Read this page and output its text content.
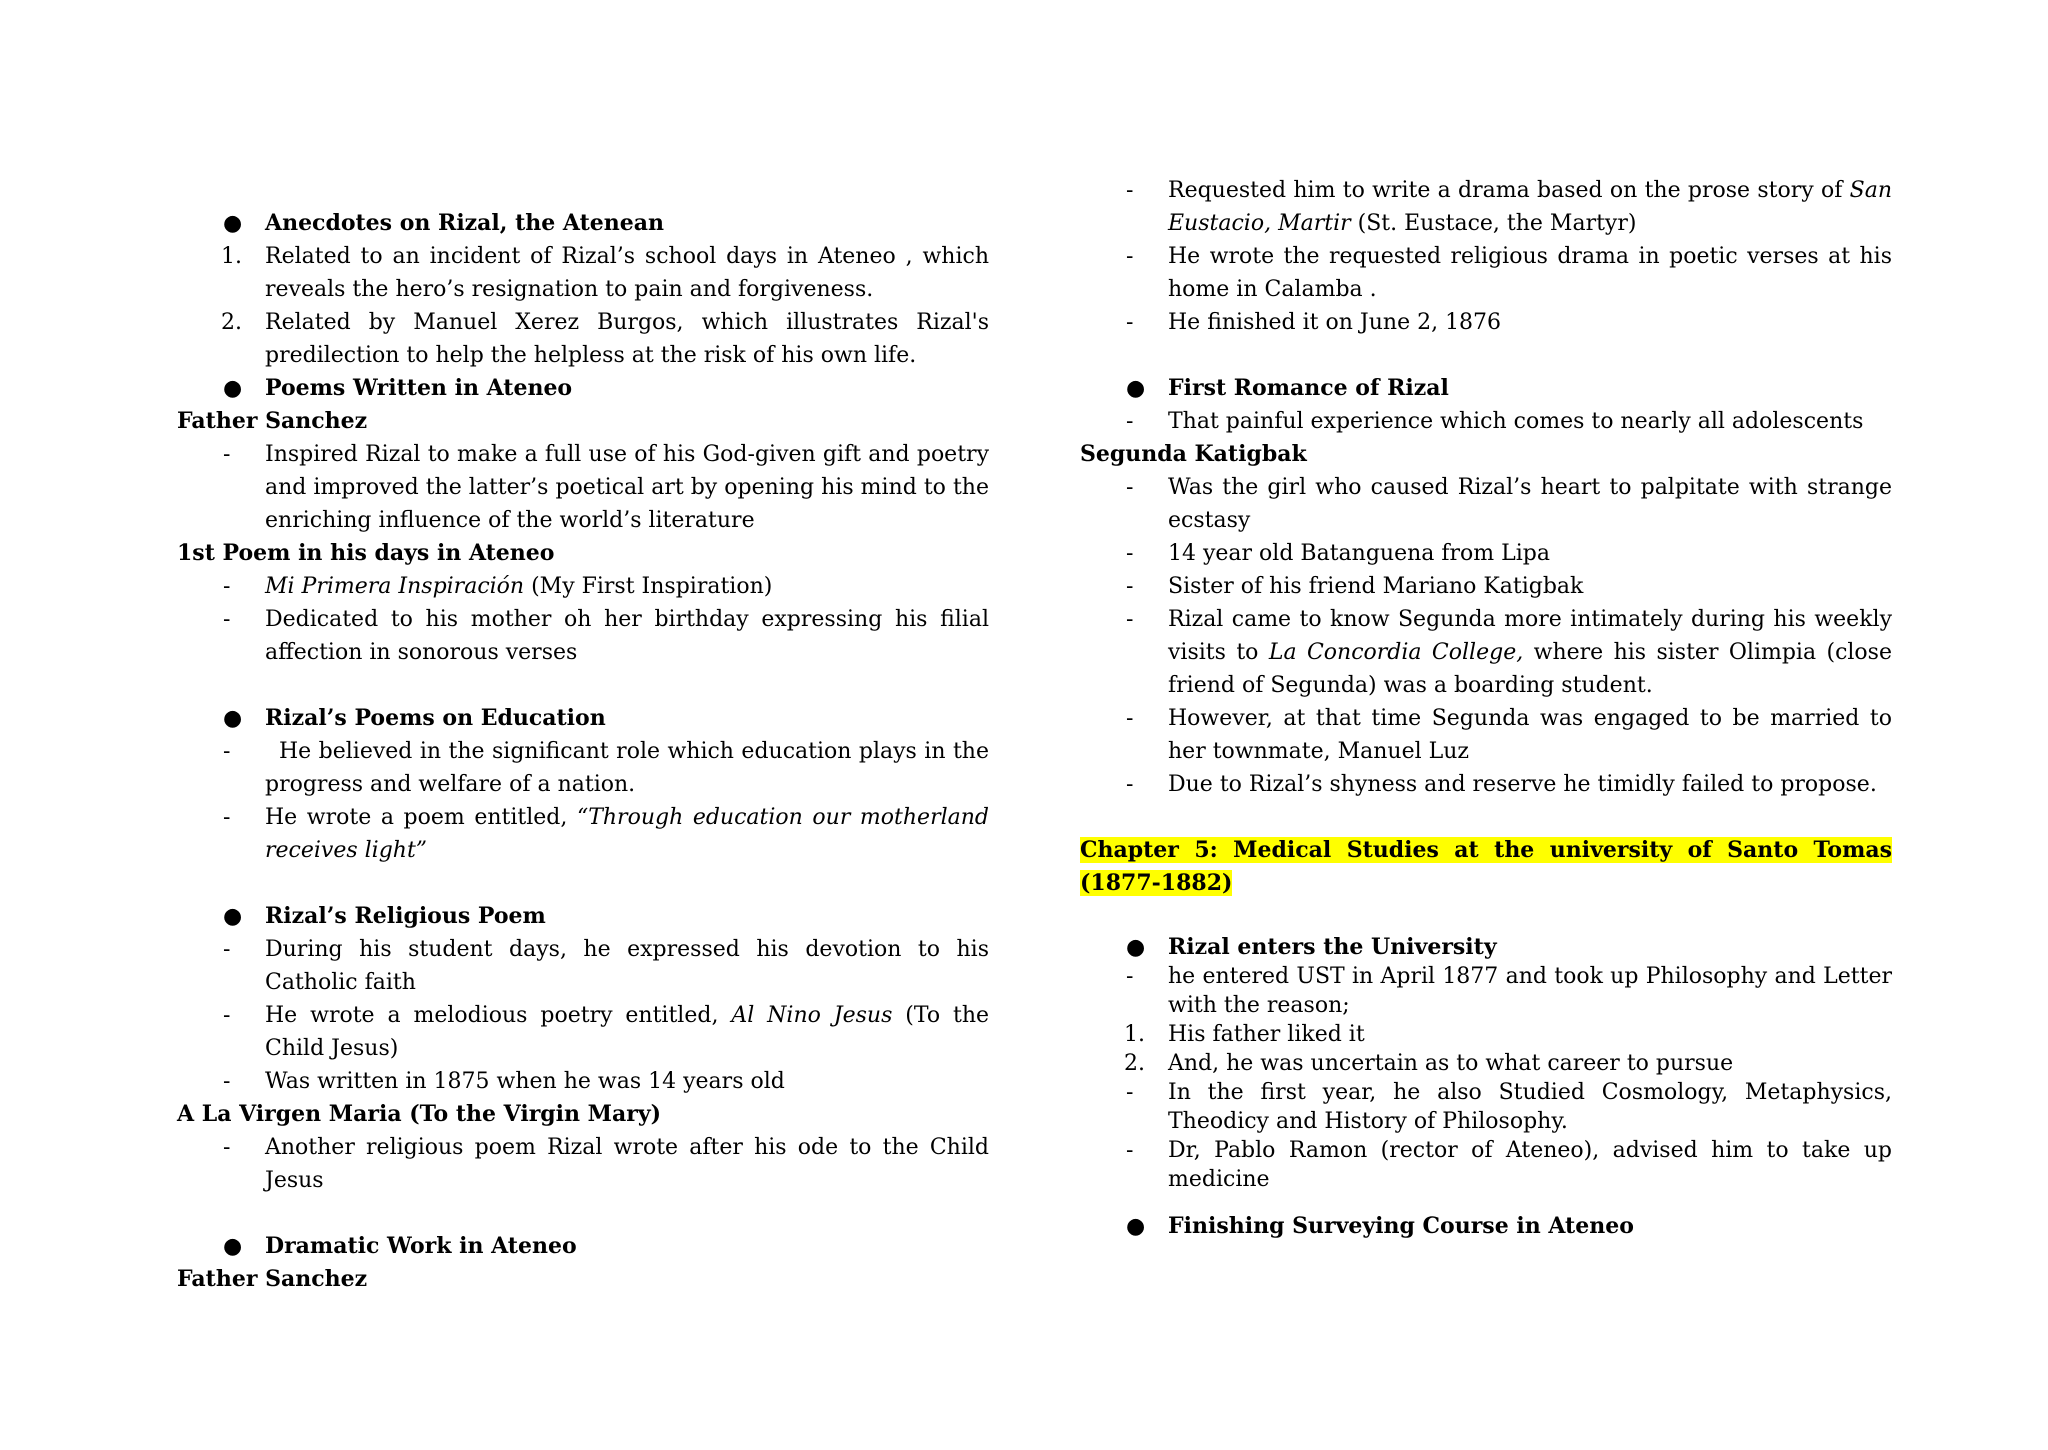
● Anecdotes on Rizal, the Atenean
1. Related to an incident of Rizal’s school days in Ateneo , which reveals the hero’s resignation to pain and forgiveness.
2. Related by Manuel Xerez Burgos, which illustrates Rizal's predilection to help the helpless at the risk of his own life.
● Poems Written in Ateneo
Father Sanchez
- Inspired Rizal to make a full use of his God-given gift and poetry and improved the latter’s poetical art by opening his mind to the enriching influence of the world’s literature
1st Poem in his days in Ateneo
- Mi Primera Inspiración (My First Inspiration)
- Dedicated to his mother oh her birthday expressing his filial affection in sonorous verses
● Rizal’s Poems on Education
- He believed in the significant role which education plays in the progress and welfare of a nation.
- He wrote a poem entitled, “Through education our motherland receives light”
● Rizal’s Religious Poem
- During his student days, he expressed his devotion to his Catholic faith
- He wrote a melodious poetry entitled, Al Nino Jesus (To the Child Jesus)
- Was written in 1875 when he was 14 years old
A La Virgen Maria (To the Virgin Mary)
- Another religious poem Rizal wrote after his ode to the Child Jesus
● Dramatic Work in Ateneo
Father Sanchez
- Requested him to write a drama based on the prose story of San Eustacio, Martir (St. Eustace, the Martyr)
- He wrote the requested religious drama in poetic verses at his home in Calamba .
- He finished it on June 2, 1876
● First Romance of Rizal
- That painful experience which comes to nearly all adolescents
Segunda Katigbak
- Was the girl who caused Rizal’s heart to palpitate with strange ecstasy
- 14 year old Batanguena from Lipa
- Sister of his friend Mariano Katigbak
- Rizal came to know Segunda more intimately during his weekly visits to La Concordia College, where his sister Olimpia (close friend of Segunda) was a boarding student.
- However, at that time Segunda was engaged to be married to her townmate, Manuel Luz
- Due to Rizal’s shyness and reserve he timidly failed to propose.
Chapter 5: Medical Studies at the university of Santo Tomas (1877-1882)
● Rizal enters the University
- he entered UST in April 1877 and took up Philosophy and Letter with the reason;
1. His father liked it
2. And, he was uncertain as to what career to pursue
- In the first year, he also Studied Cosmology, Metaphysics, Theodicy and History of Philosophy.
- Dr, Pablo Ramon (rector of Ateneo), advised him to take up medicine
● Finishing Surveying Course in Ateneo
